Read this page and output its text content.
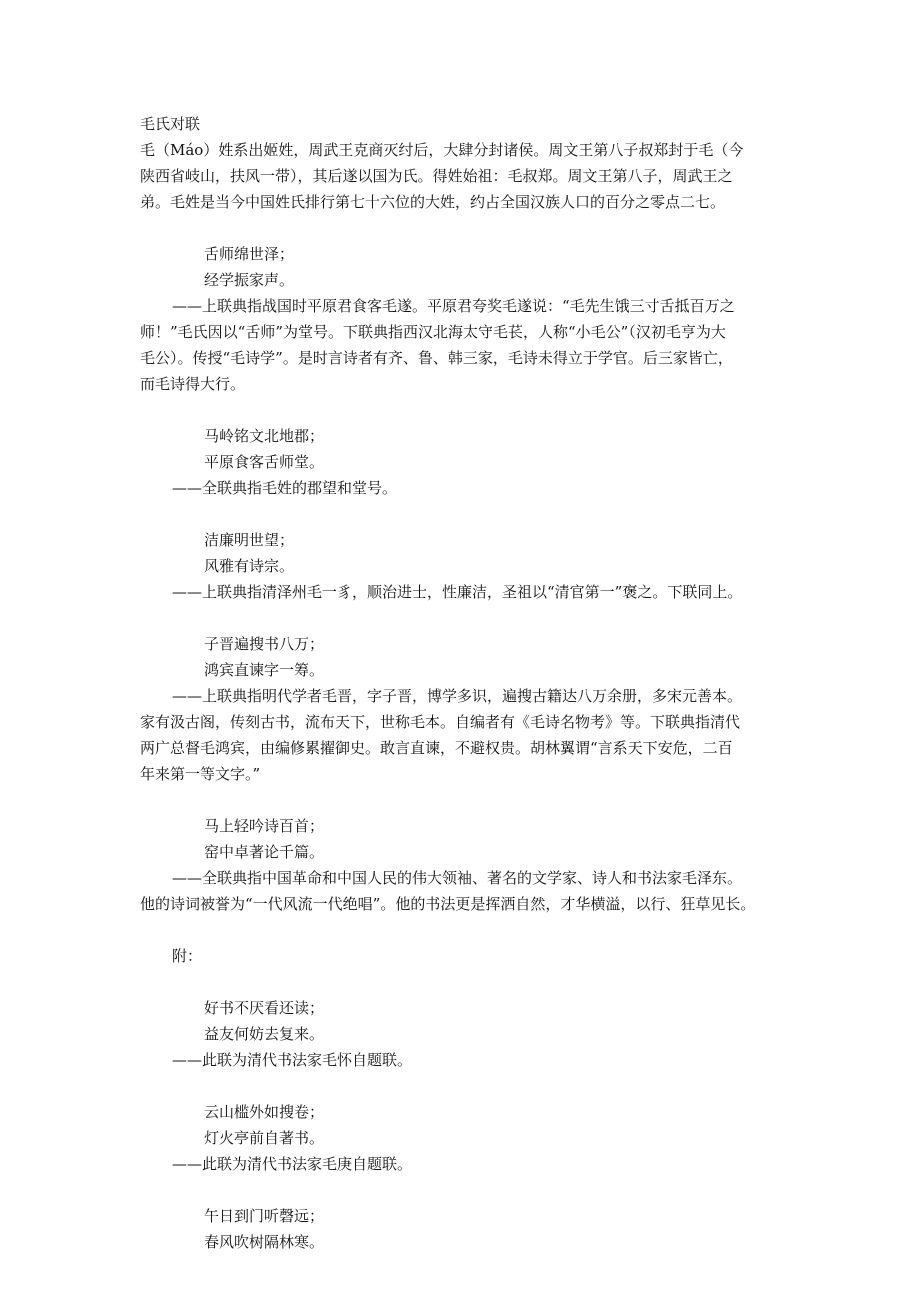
毛氏对联
毛（Máo）姓系出姬姓，周武王克商灭纣后，大肆分封诸侯。周文王第八子叔郑封于毛（今
陕西省岐山，扶风一带），其后遂以国为氏。得姓始祖：毛叔郑。周文王第八子，周武王之
弟。毛姓是当今中国姓氏排行第七十六位的大姓，约占全国汉族人口的百分之零点二七。
舌师绵世泽；
经学振家声。
——上联典指战国时平原君食客毛遂。平原君夸奖毛遂说：“毛先生饿三寸舌抵百万之
师！”毛氏因以“舌师”为堂号。下联典指西汉北海太守毛苌，人称“小毛公”（汉初毛亨为大
毛公）。传授“毛诗学”。是时言诗者有齐、鲁、韩三家，毛诗未得立于学官。后三家皆亡，
而毛诗得大行。
马岭铭文北地郡；
平原食客舌师堂。
——全联典指毛姓的郡望和堂号。
洁廉明世望；
风雅有诗宗。
——上联典指清泽州毛一豸，顺治进士，性廉洁，圣祖以“清官第一”褒之。下联同上。
子晋遍搜书八万；
鸿宾直谏字一筹。
——上联典指明代学者毛晋，字子晋，博学多识，遍搜古籍达八万余册，多宋元善本。
家有汲古阁，传刻古书，流布天下，世称毛本。自编者有《毛诗名物考》等。下联典指清代
两广总督毛鸿宾，由编修累擢御史。敢言直谏，不避权贵。胡林翼谓“言系天下安危，二百
年来第一等文字。”
马上轻吟诗百首；
窑中卓著论千篇。
——全联典指中国革命和中国人民的伟大领袖、著名的文学家、诗人和书法家毛泽东。
他的诗词被誉为“一代风流一代绝唱”。他的书法更是挥洒自然，才华横溢，以行、狂草见长。
附：
好书不厌看还读；
益友何妨去复来。
——此联为清代书法家毛怀自题联。
云山槛外如搜卷；
灯火亭前自著书。
——此联为清代书法家毛庚自题联。
午日到门听磬远；
春风吹树隔林寒。
